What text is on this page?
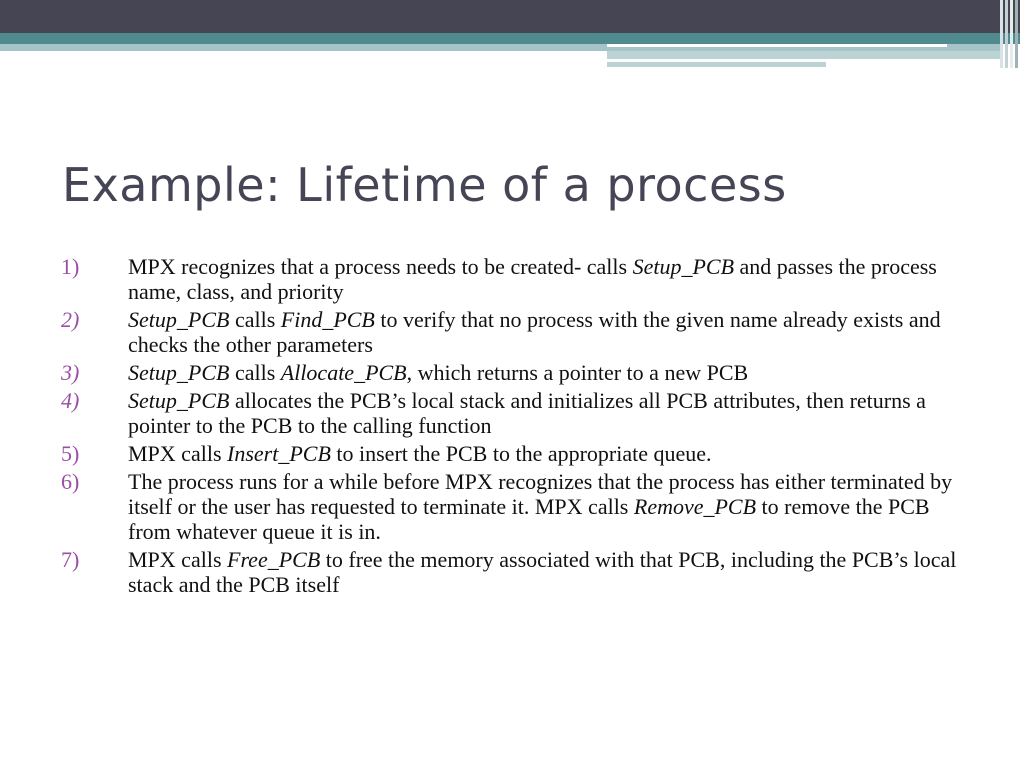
Example: Lifetime of a process
1)	MPX recognizes that a process needs to be created- calls Setup_PCB and passes the process name, class, and priority
2)	Setup_PCB calls Find_PCB to verify that no process with the given name already exists and checks the other parameters
3)	Setup_PCB calls Allocate_PCB, which returns a pointer to a new PCB
4)	Setup_PCB allocates the PCB’s local stack and initializes all PCB attributes, then returns a pointer to the PCB to the calling function
5)	MPX calls Insert_PCB to insert the PCB to the appropriate queue.
6)	The process runs for a while before MPX recognizes that the process has either terminated by itself or the user has requested to terminate it. MPX calls Remove_PCB to remove the PCB from whatever queue it is in.
7)	MPX calls Free_PCB to free the memory associated with that PCB, including the PCB’s local stack and the PCB itself
